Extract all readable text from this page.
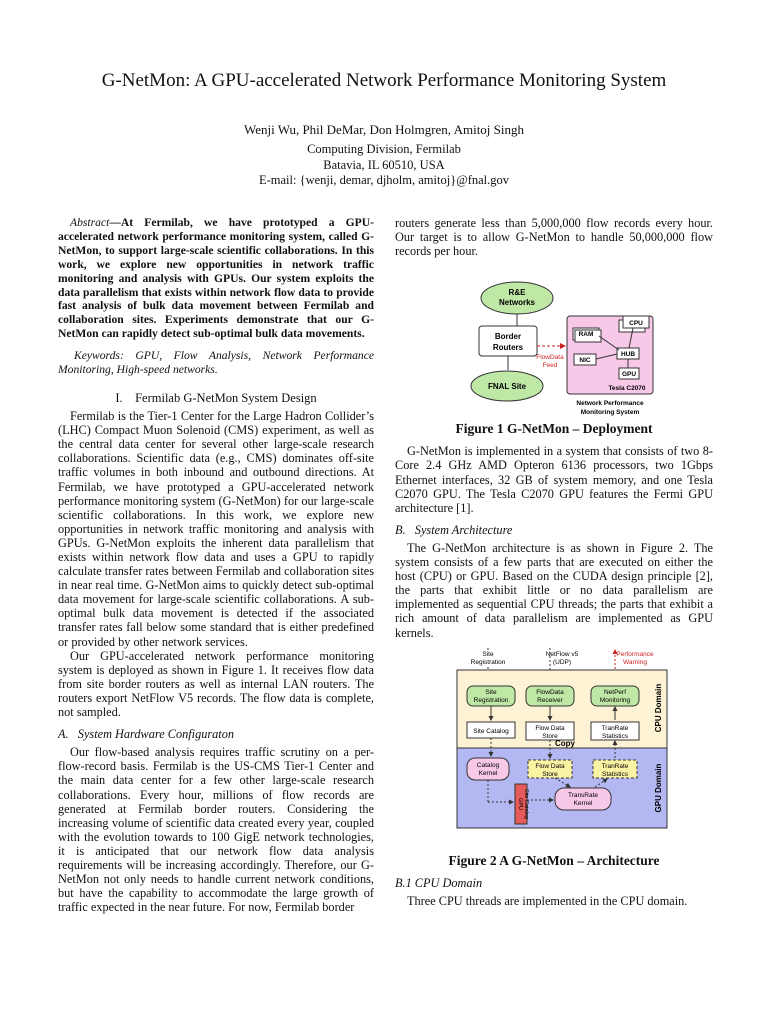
G-NetMon: A GPU-accelerated Network Performance Monitoring System
Wenji Wu, Phil DeMar, Don Holmgren, Amitoj Singh
Computing Division, Fermilab
Batavia, IL 60510, USA
E-mail: {wenji, demar, djholm, amitoj}@fnal.gov

Abstract—At Fermilab, we have prototyped a GPU-accelerated network performance monitoring system, called G-NetMon, to support large-scale scientific collaborations. In this work, we explore new opportunities in network traffic monitoring and analysis with GPUs. Our system exploits the data parallelism that exists within network flow data to provide fast analysis of bulk data movement between Fermilab and collaboration sites. Experiments demonstrate that our G-NetMon can rapidly detect sub-optimal bulk data movements.

Keywords: GPU, Flow Analysis, Network Performance Monitoring, High-speed networks.

I.    Fermilab G-NetMon System Design

Fermilab is the Tier-1 Center for the Large Hadron Collider’s (LHC) Compact Muon Solenoid (CMS) experiment, as well as the central data center for several other large-scale research collaborations. Scientific data (e.g., CMS) dominates off-site traffic volumes in both inbound and outbound directions. At Fermilab, we have prototyped a GPU-accelerated network performance monitoring system (G-NetMon) for our large-scale scientific collaborations. In this work, we explore new opportunities in network traffic monitoring and analysis with GPUs. G-NetMon exploits the inherent data parallelism that exists within network flow data and uses a GPU to rapidly calculate transfer rates between Fermilab and collaboration sites in near real time. G-NetMon aims to quickly detect sub-optimal data movement for large-scale scientific collaborations. A sub-optimal bulk data movement is detected if the associated transfer rates fall below some standard that is either predefined or provided by other network services.

Our GPU-accelerated network performance monitoring system is deployed as shown in Figure 1. It receives flow data from site border routers as well as internal LAN routers. The routers export NetFlow V5 records. The flow data is complete, not sampled.

A.   System Hardware Configuraton

Our flow-based analysis requires traffic scrutiny on a per-flow-record basis. Fermilab is the US-CMS Tier-1 Center and the main data center for a few other large-scale research collaborations. Every hour, millions of flow records are generated at Fermilab border routers. Considering the increasing volume of scientific data created every year, coupled with the evolution towards to 100 GigE network technologies, it is anticipated that our network flow data analysis requirements will be increasing accordingly. Therefore, our G-NetMon not only needs to handle current network conditions, but have the capability to accommodate the large growth of traffic expected in the near future. For now, Fermilab border

routers generate less than 5,000,000 flow records every hour. Our target is to allow G-NetMon to handle 50,000,000 flow records per hour.

R&E
Networks
Border
Routers
FNAL Site
FlowData
Feed
RAM
CPU
HUB
NIC
GPU
Tesla C2070
Network Performance
Monitoring System

Figure 1 G-NetMon – Deployment

G-NetMon is implemented in a system that consists of two 8-Core 2.4 GHz AMD Opteron 6136 processors, two 1Gbps Ethernet interfaces, 32 GB of system memory, and one Tesla C2070 GPU. The Tesla C2070 GPU features the Fermi GPU architecture [1].

B.   System Architecture

The G-NetMon architecture is as shown in Figure 2. The system consists of a few parts that are executed on either the host (CPU) or GPU. Based on the CUDA design principle [2], the parts that exhibit little or no data parallelism are implemented as sequential CPU threads; the parts that exhibit a rich amount of data parallelism are implemented as GPU kernels.

Site
Registration
NetFlow v5
(UDP)
Performance
Warning
CPU Domain
Site
Registration
FlowData
Receiver
NetPerf
Monitoring
Site Catalog	Flow Data
Store
TranRate
Statistics
Copy
GPU Domain
Catalog
Kernel
Flow Data
Store
TranRate
Statistics
GPU Site Catalog	TransRate
Kernel

Figure 2 A G-NetMon – Architecture

B.1 CPU Domain

Three CPU threads are implemented in the CPU domain.
